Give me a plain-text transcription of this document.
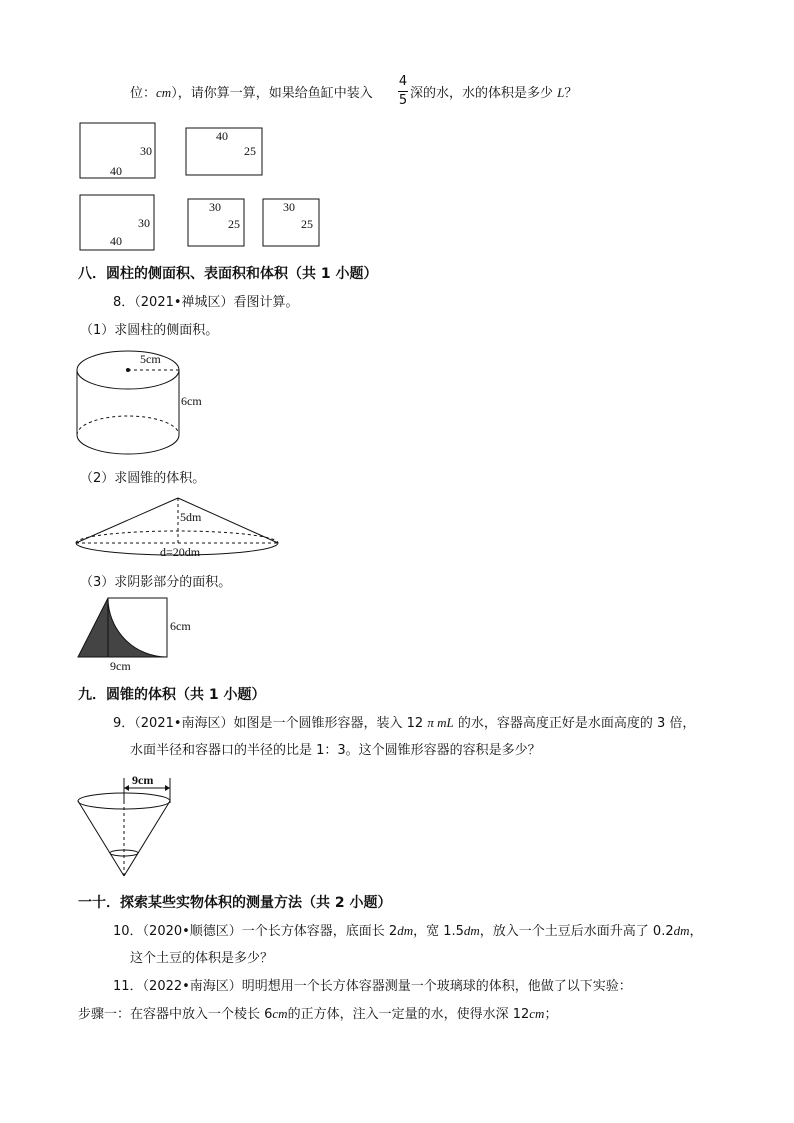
位：cm），请你算一算，如果给鱼缸中装入
4
5 深的水，水的体积是多少 L？
30
40
40
25
30
40
30
25
30
25
八．圆柱的侧面积、表面积和体积（共 1 小题）
8．（2021•禅城区）看图计算。
（1）求圆柱的侧面积。
5cm
6cm
（2）求圆锥的体积。
5dm
d=20dm
（3）求阴影部分的面积。
6cm
9cm
九．圆锥的体积（共 1 小题）
9．（2021•南海区）如图是一个圆锥形容器，装入 12 π mL 的水，容器高度正好是水面高度的 3 倍，
水面半径和容器口的半径的比是 1：3。这个圆锥形容器的容积是多少？
9cm
一十．探索某些实物体积的测量方法（共 2 小题）
10．（2020•顺德区）一个长方体容器，底面长 2dm，宽 1.5dm，放入一个土豆后水面升高了 0.2dm，
这个土豆的体积是多少？
11．（2022•南海区）明明想用一个长方体容器测量一个玻璃球的体积，他做了以下实验：
步骤一：在容器中放入一个棱长 6cm的正方体，注入一定量的水，使得水深 12cm；
